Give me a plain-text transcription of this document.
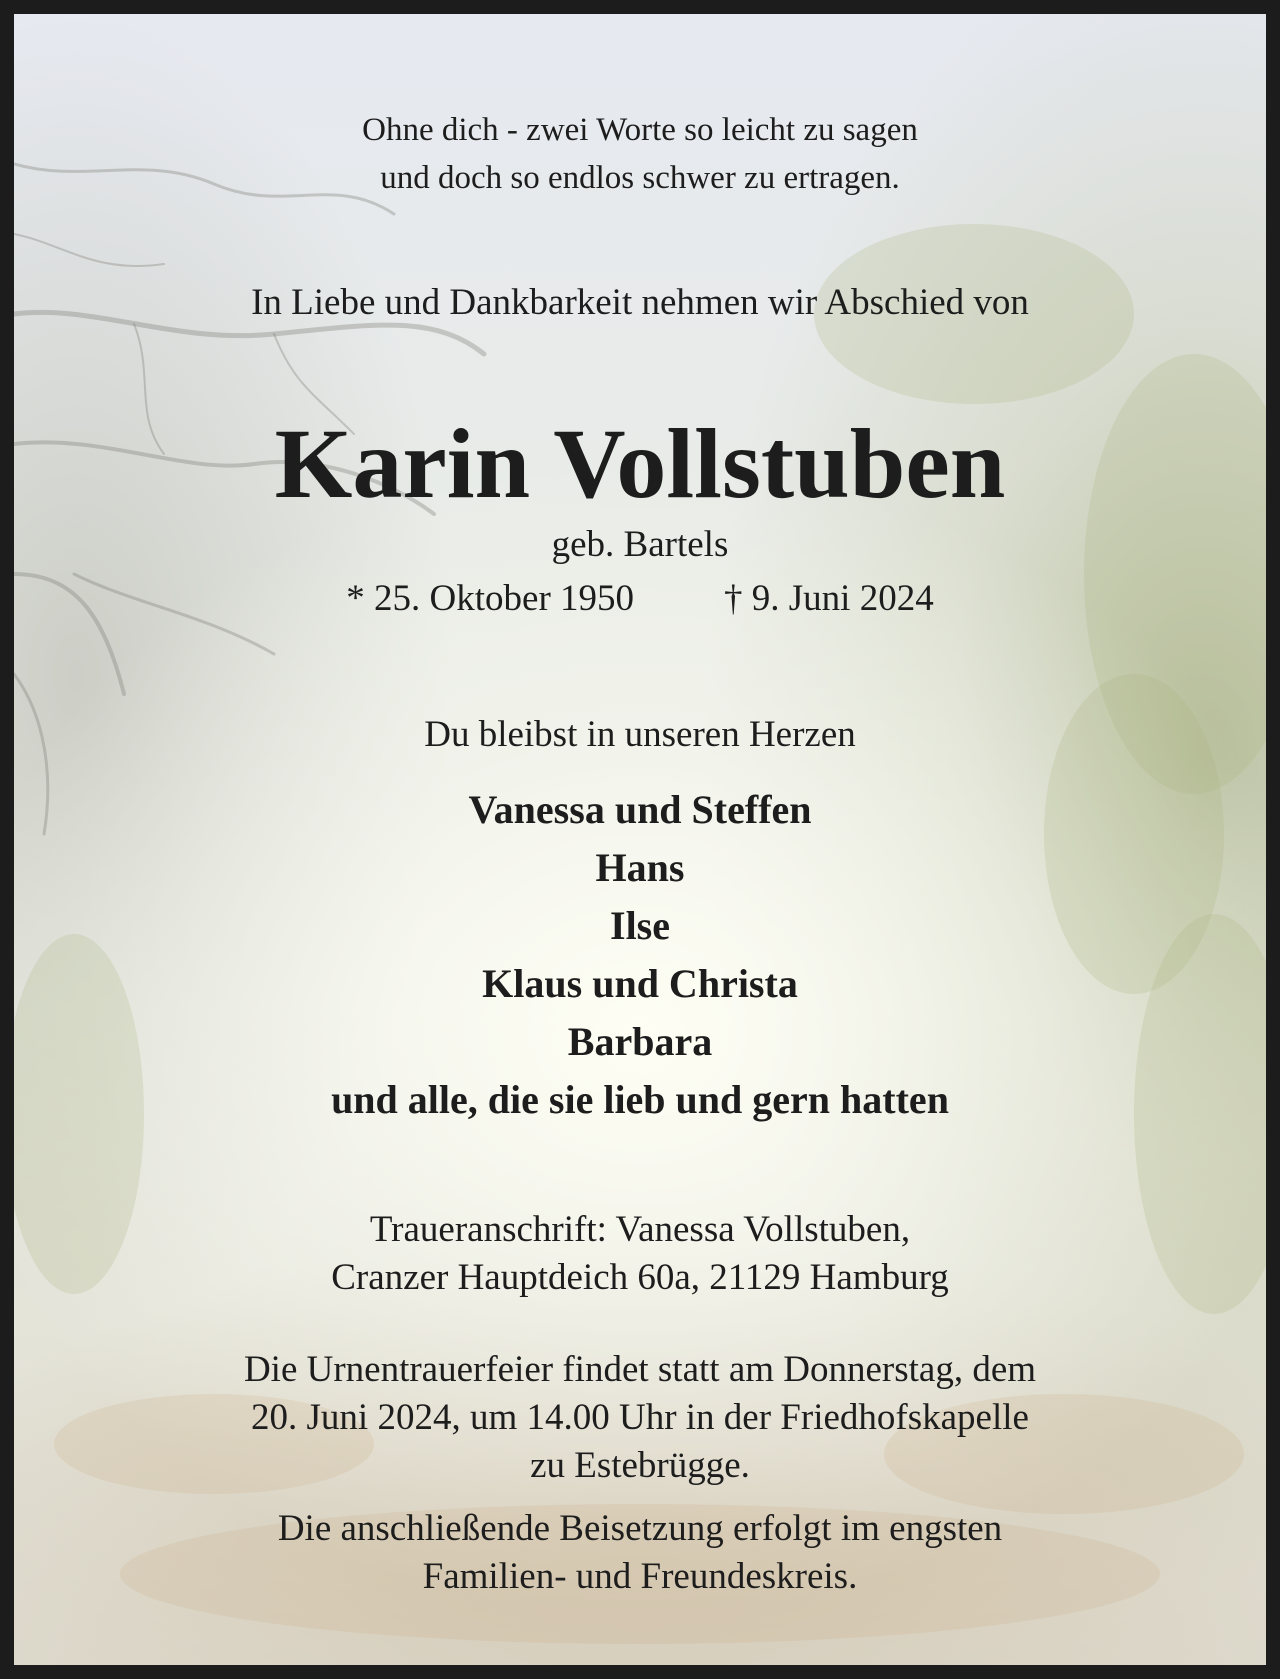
Ohne dich - zwei Worte so leicht zu sagen
und doch so endlos schwer zu ertragen.
In Liebe und Dankbarkeit nehmen wir Abschied von
Karin Vollstuben
geb. Bartels
* 25. Oktober 1950 † 9. Juni 2024
Du bleibst in unseren Herzen
Vanessa und Steffen
Hans
Ilse
Klaus und Christa
Barbara
und alle, die sie lieb und gern hatten
Traueranschrift: Vanessa Vollstuben,
Cranzer Hauptdeich 60a, 21129 Hamburg
Die Urnentrauerfeier findet statt am Donnerstag, dem
20. Juni 2024, um 14.00 Uhr in der Friedhofskapelle
zu Estebrügge.
Die anschließende Beisetzung erfolgt im engsten
Familien- und Freundeskreis.
